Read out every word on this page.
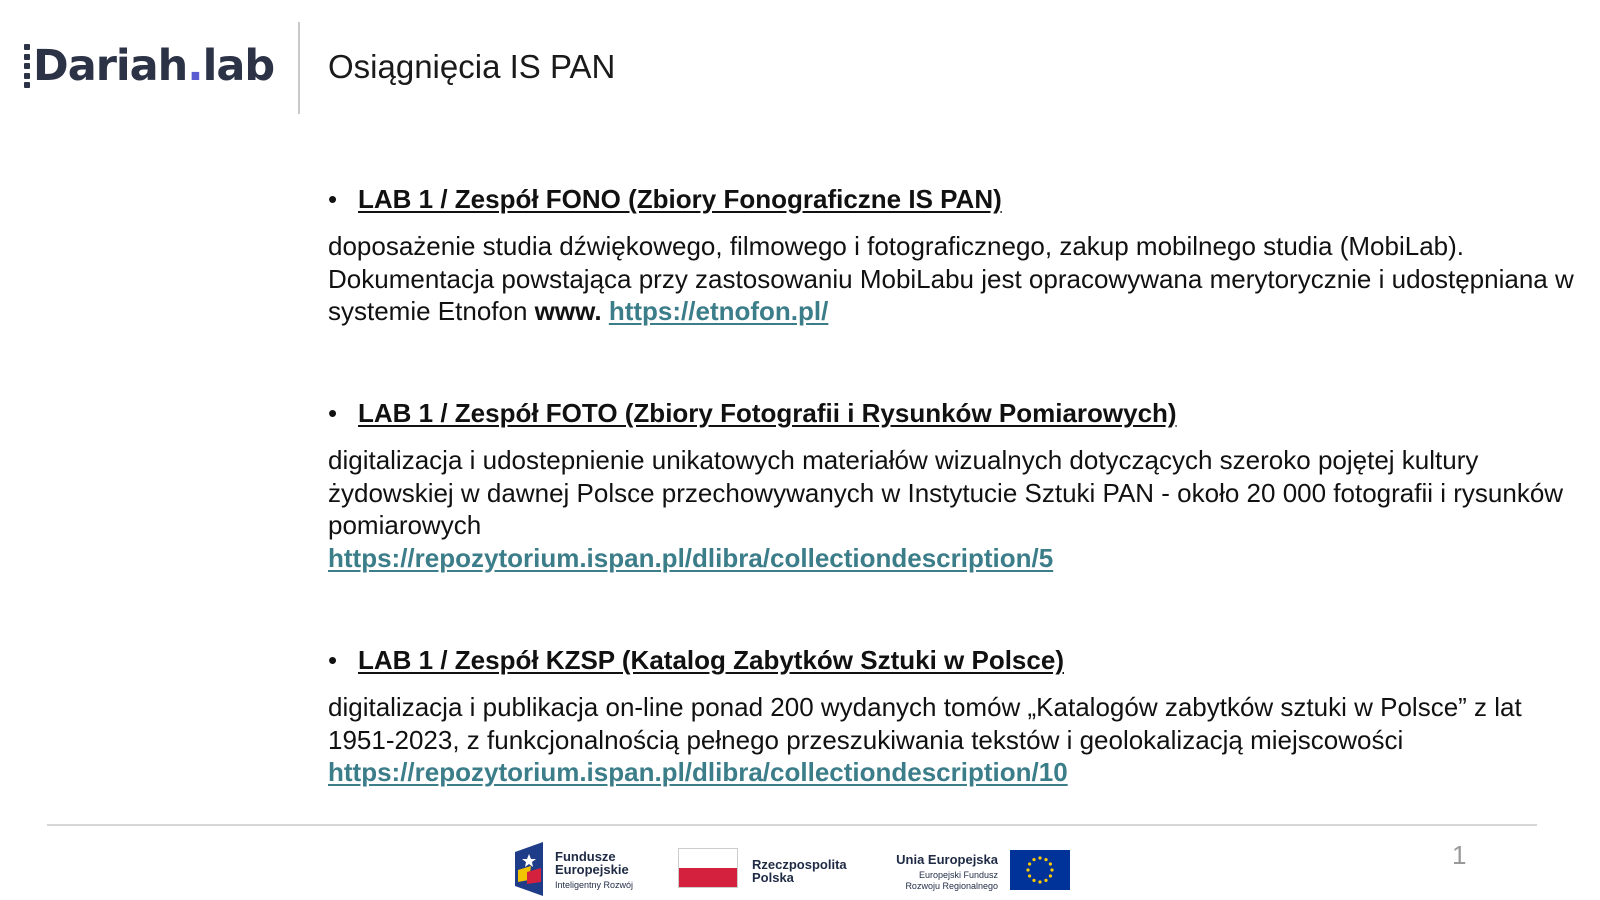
Dariah.lab Osiągnięcia IS PAN
• LAB 1 / Zespół FONO (Zbiory Fonograficzne IS PAN)
doposażenie studia dźwiękowego, filmowego i fotograficznego, zakup mobilnego studia (MobiLab). Dokumentacja powstająca przy zastosowaniu MobiLabu jest opracowywana merytorycznie i udostępniana w systemie Etnofon www. https://etnofon.pl/
• LAB 1 / Zespół FOTO (Zbiory Fotografii i Rysunków Pomiarowych)
digitalizacja i udostepnienie unikatowych materiałów wizualnych dotyczących szeroko pojętej kultury żydowskiej w dawnej Polsce przechowywanych w Instytucie Sztuki PAN - około 20 000 fotografii i rysunków pomiarowych
https://repozytorium.ispan.pl/dlibra/collectiondescription/5
• LAB 1 / Zespół KZSP (Katalog Zabytków Sztuki w Polsce)
digitalizacja i publikacja on-line ponad 200 wydanych tomów „Katalogów zabytków sztuki w Polsce” z lat 1951-2023, z funkcjonalnością pełnego przeszukiwania tekstów i geolokalizacją miejscowości https://repozytorium.ispan.pl/dlibra/collectiondescription/10
Fundusze
Europejskie
Inteligentny Rozwój
Rzeczpospolita
Polska
Unia Europejska
Europejski Fundusz
Rozwoju Regionalnego
1
